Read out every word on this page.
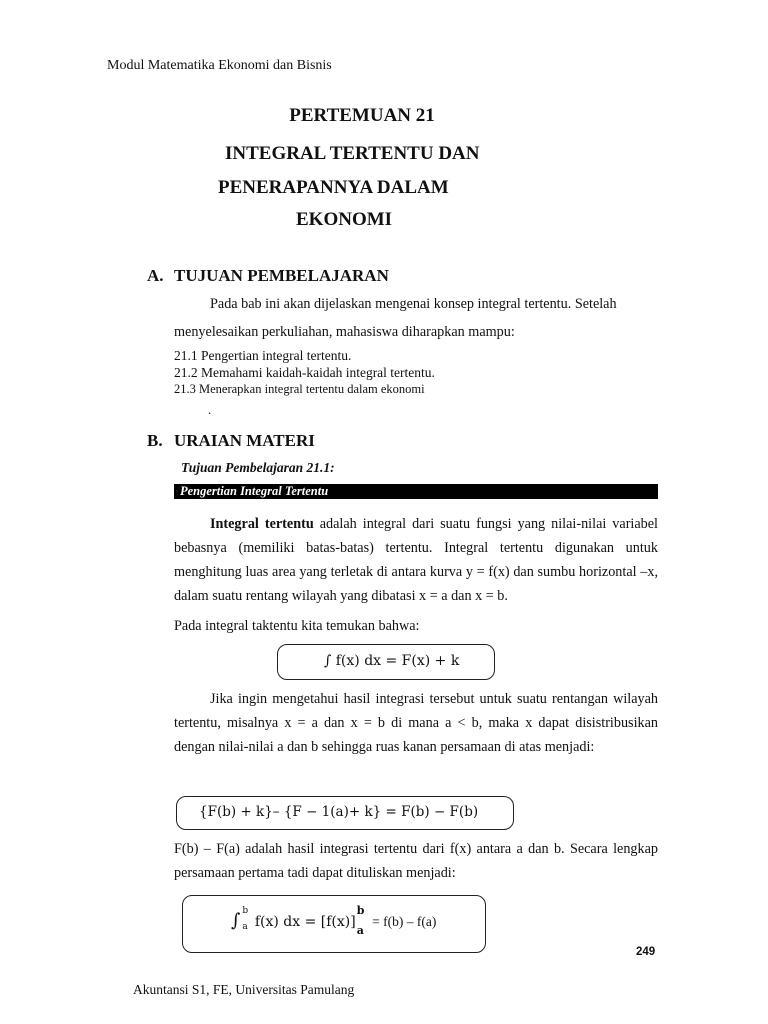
Modul Matematika Ekonomi dan Bisnis
PERTEMUAN 21
INTEGRAL TERTENTU DAN
PENERAPANNYA DALAM
EKONOMI
A. TUJUAN PEMBELAJARAN
Pada bab ini akan dijelaskan mengenai konsep integral tertentu. Setelah
menyelesaikan perkuliahan, mahasiswa diharapkan mampu:
21.1 Pengertian integral tertentu.
21.2 Memahami kaidah-kaidah integral tertentu.
21.3 Menerapkan integral tertentu dalam ekonomi
.
B. URAIAN MATERI
Tujuan Pembelajaran 21.1:
Pengertian Integral Tertentu
Integral tertentu adalah integral dari suatu fungsi yang nilai-nilai variabel bebasnya (memiliki batas-batas) tertentu. Integral tertentu digunakan untuk menghitung luas area yang terletak di antara kurva y = f(x) dan sumbu horizontal –x, dalam suatu rentang wilayah yang dibatasi x = a dan x = b.
Pada integral taktentu kita temukan bahwa:
∫ f(x) dx = F(x) + k
Jika ingin mengetahui hasil integrasi tersebut untuk suatu rentangan wilayah tertentu, misalnya x = a dan x = b di mana a < b, maka x dapat disistribusikan dengan nilai-nilai a dan b sehingga ruas kanan persamaan di atas menjadi:
{F(b) + k}– {F − 1(a)+ k} = F(b) − F(b)
F(b) – F(a) adalah hasil integrasi tertentu dari f(x) antara a dan b. Secara lengkap persamaan pertama tadi dapat dituliskan menjadi:
∫ b
a f(x) dx = [f(x)]
b
a
= f(b) – f(a)
249
Akuntansi S1, FE, Universitas Pamulang
